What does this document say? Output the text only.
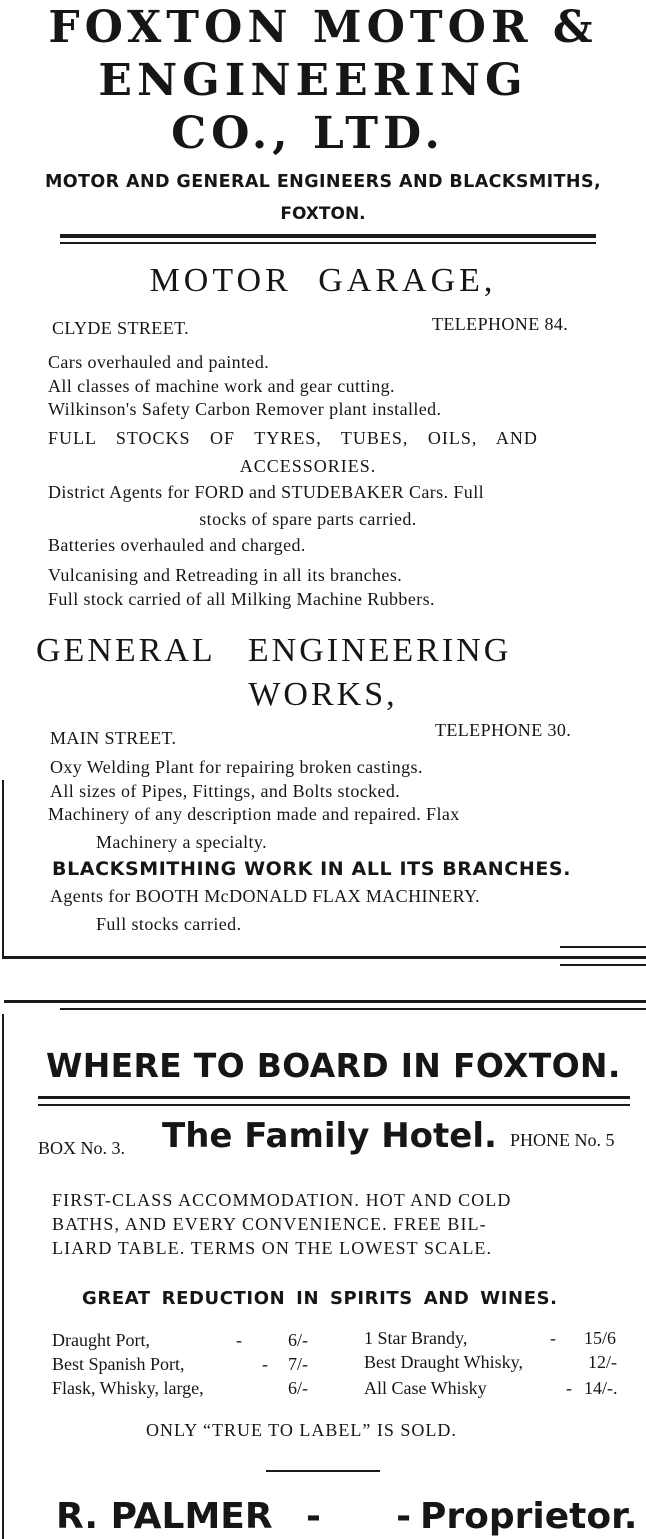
FOXTON MOTOR &
ENGINEERING
CO., LTD.
MOTOR AND GENERAL ENGINEERS AND BLACKSMITHS,
FOXTON.
MOTOR GARAGE,
CLYDE STREET.	TELEPHONE 84.
Cars overhauled and painted.
All classes of machine work and gear cutting.
Wilkinson's Safety Carbon Remover plant installed.
FULL STOCKS OF TYRES, TUBES, OILS, AND
ACCESSORIES.
District Agents for FORD and STUDEBAKER Cars. Full
stocks of spare parts carried.
Batteries overhauled and charged.
Vulcanising and Retreading in all its branches.
Full stock carried of all Milking Machine Rubbers.
GENERAL ENGINEERING
WORKS,
MAIN STREET.	TELEPHONE 30.
Oxy Welding Plant for repairing broken castings.
All sizes of Pipes, Fittings, and Bolts stocked.
Machinery of any description made and repaired. Flax
Machinery a specialty.
BLACKSMITHING WORK IN ALL ITS BRANCHES.
Agents for BOOTH McDONALD FLAX MACHINERY.
Full stocks carried.
WHERE TO BOARD IN FOXTON.
BOX No. 3. The Family Hotel. PHONE No. 5
FIRST-CLASS ACCOMMODATION. HOT AND COLD
BATHS, AND EVERY CONVENIENCE. FREE BIL-
LIARD TABLE. TERMS ON THE LOWEST SCALE.
GREAT REDUCTION IN SPIRITS AND WINES.
Draught Port,	-	6/-
Best Spanish Port,	- 7/-
Flask, Whisky, large,	6/-
1 Star Brandy,	- 15/6
Best Draught Whisky,	12/-
All Case Whisky	- 14/-.
ONLY “TRUE TO LABEL” IS SOLD.
R. PALMER -      - Proprietor.
